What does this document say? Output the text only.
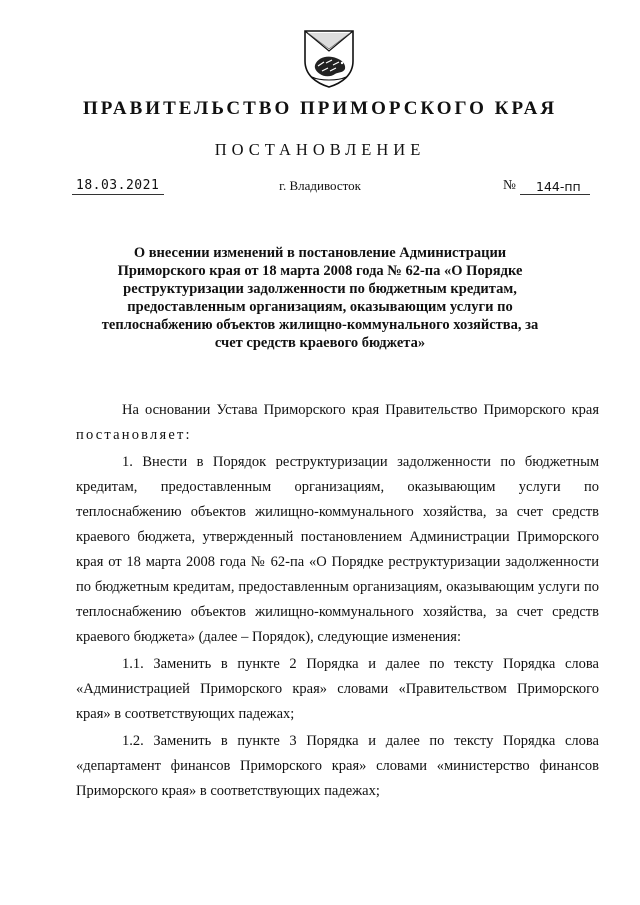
ПРАВИТЕЛЬСТВО ПРИМОРСКОГО КРАЯ
ПОСТАНОВЛЕНИЕ
18.03.2021	г. Владивосток	№ 144-пп
О внесении изменений в постановление Администрации Приморского края от 18 марта 2008 года № 62-па «О Порядке реструктуризации задолженности по бюджетным кредитам, предоставленным организациям, оказывающим услуги по теплоснабжению объектов жилищно-коммунального хозяйства, за счет средств краевого бюджета»

На основании Устава Приморского края Правительство Приморского края постановляет:

1. Внести в Порядок реструктуризации задолженности по бюджетным кредитам, предоставленным организациям, оказывающим услуги по теплоснабжению объектов жилищно-коммунального хозяйства, за счет средств краевого бюджета, утвержденный постановлением Администрации Приморского края от 18 марта 2008 года № 62-па «О Порядке реструктуризации задолженности по бюджетным кредитам, предоставленным организациям, оказывающим услуги по теплоснабжению объектов жилищно-коммунального хозяйства, за счет средств краевого бюджета» (далее – Порядок), следующие изменения:

1.1. Заменить в пункте 2 Порядка и далее по тексту Порядка слова «Администрацией Приморского края» словами «Правительством Приморского края» в соответствующих падежах;

1.2. Заменить в пункте 3 Порядка и далее по тексту Порядка слова «департамент финансов Приморского края» словами «министерство финансов Приморского края» в соответствующих падежах;
